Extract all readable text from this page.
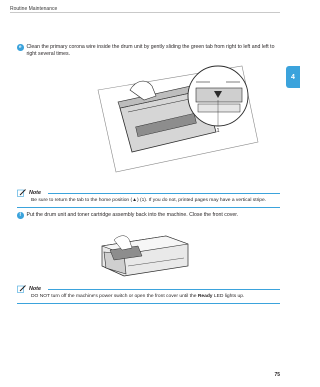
Routine Maintenance
4
e Clean the primary corona wire inside the drum unit by gently sliding the green tab from right to left and left to right several times.
1
Note
Be sure to return the tab to the home position (▲) (1). If you do not, printed pages may have a vertical stripe.
f	Put the drum unit and toner cartridge assembly back into the machine. Close the front cover.
Note
DO NOT turn off the machine's power switch or open the front cover until the Ready LED lights up.
75
